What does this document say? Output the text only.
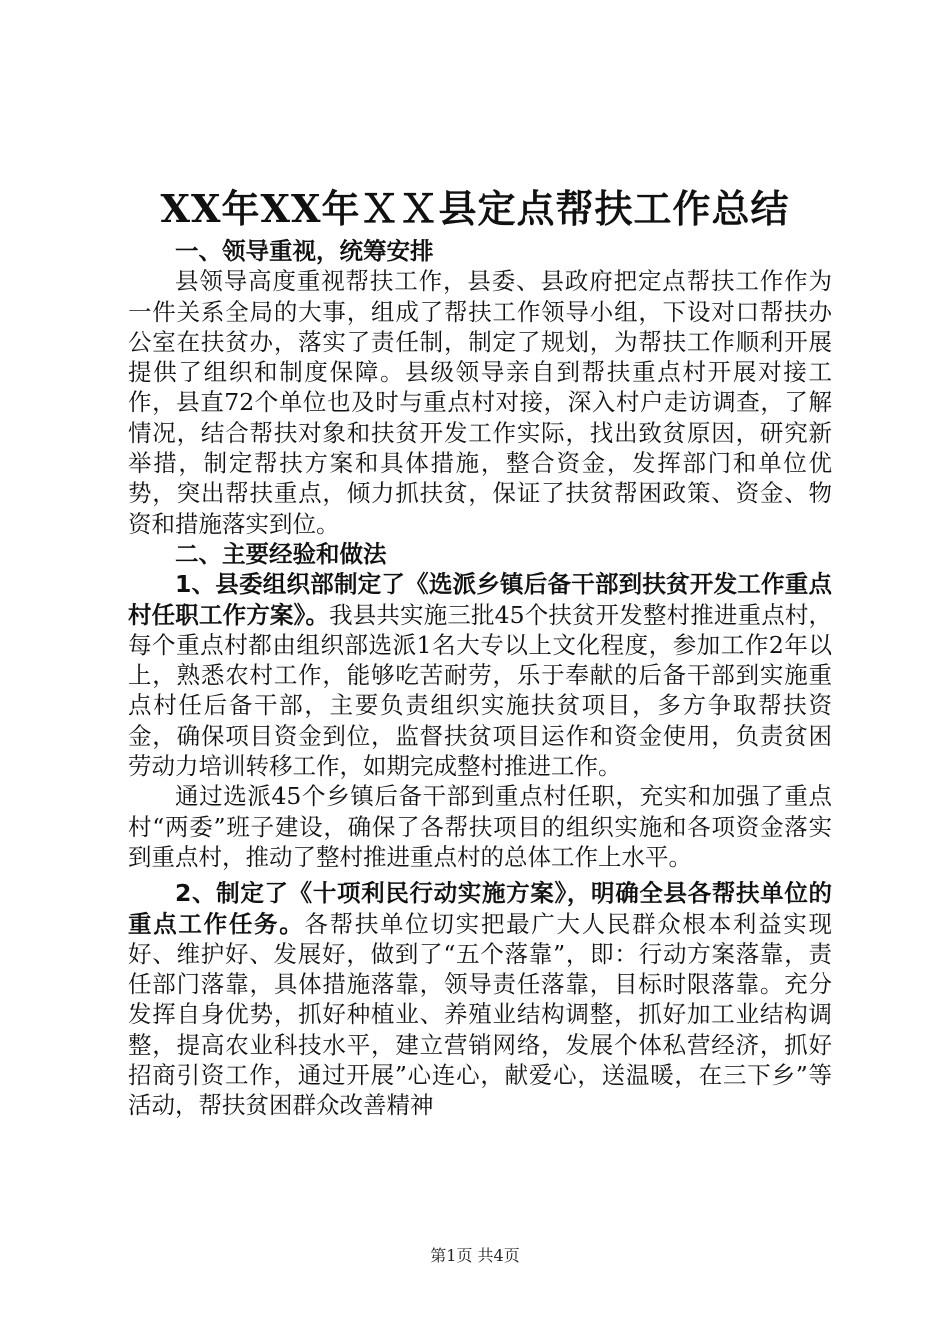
XX年XX年ＸＸ县定点帮扶工作总结

一、领导重视，统筹安排

县领导高度重视帮扶工作，县委、县政府把定点帮扶工作作为一件关系全局的大事，组成了帮扶工作领导小组，下设对口帮扶办公室在扶贫办，落实了责任制，制定了规划，为帮扶工作顺利开展提供了组织和制度保障。县级领导亲自到帮扶重点村开展对接工作，县直72个单位也及时与重点村对接，深入村户走访调查，了解情况，结合帮扶对象和扶贫开发工作实际，找出致贫原因，研究新举措，制定帮扶方案和具体措施，整合资金，发挥部门和单位优势，突出帮扶重点，倾力抓扶贫，保证了扶贫帮困政策、资金、物资和措施落实到位。

二、主要经验和做法

1、县委组织部制定了《选派乡镇后备干部到扶贫开发工作重点村任职工作方案》。我县共实施三批45个扶贫开发整村推进重点村，每个重点村都由组织部选派1名大专以上文化程度，参加工作2年以上，熟悉农村工作，能够吃苦耐劳，乐于奉献的后备干部到实施重点村任后备干部，主要负责组织实施扶贫项目，多方争取帮扶资金，确保项目资金到位，监督扶贫项目运作和资金使用，负责贫困劳动力培训转移工作，如期完成整村推进工作。

通过选派45个乡镇后备干部到重点村任职，充实和加强了重点村“两委”班子建设，确保了各帮扶项目的组织实施和各项资金落实到重点村，推动了整村推进重点村的总体工作上水平。

2、制定了《十项利民行动实施方案》，明确全县各帮扶单位的重点工作任务。各帮扶单位切实把最广大人民群众根本利益实现好、维护好、发展好，做到了“五个落靠”，即：行动方案落靠，责任部门落靠，具体措施落靠，领导责任落靠，目标时限落靠。充分发挥自身优势，抓好种植业、养殖业结构调整，抓好加工业结构调整，提高农业科技水平，建立营销网络，发展个体私营经济，抓好招商引资工作，通过开展”心连心，献爱心，送温暖，在三下乡”等活动，帮扶贫困群众改善精神

第1页 共4页
